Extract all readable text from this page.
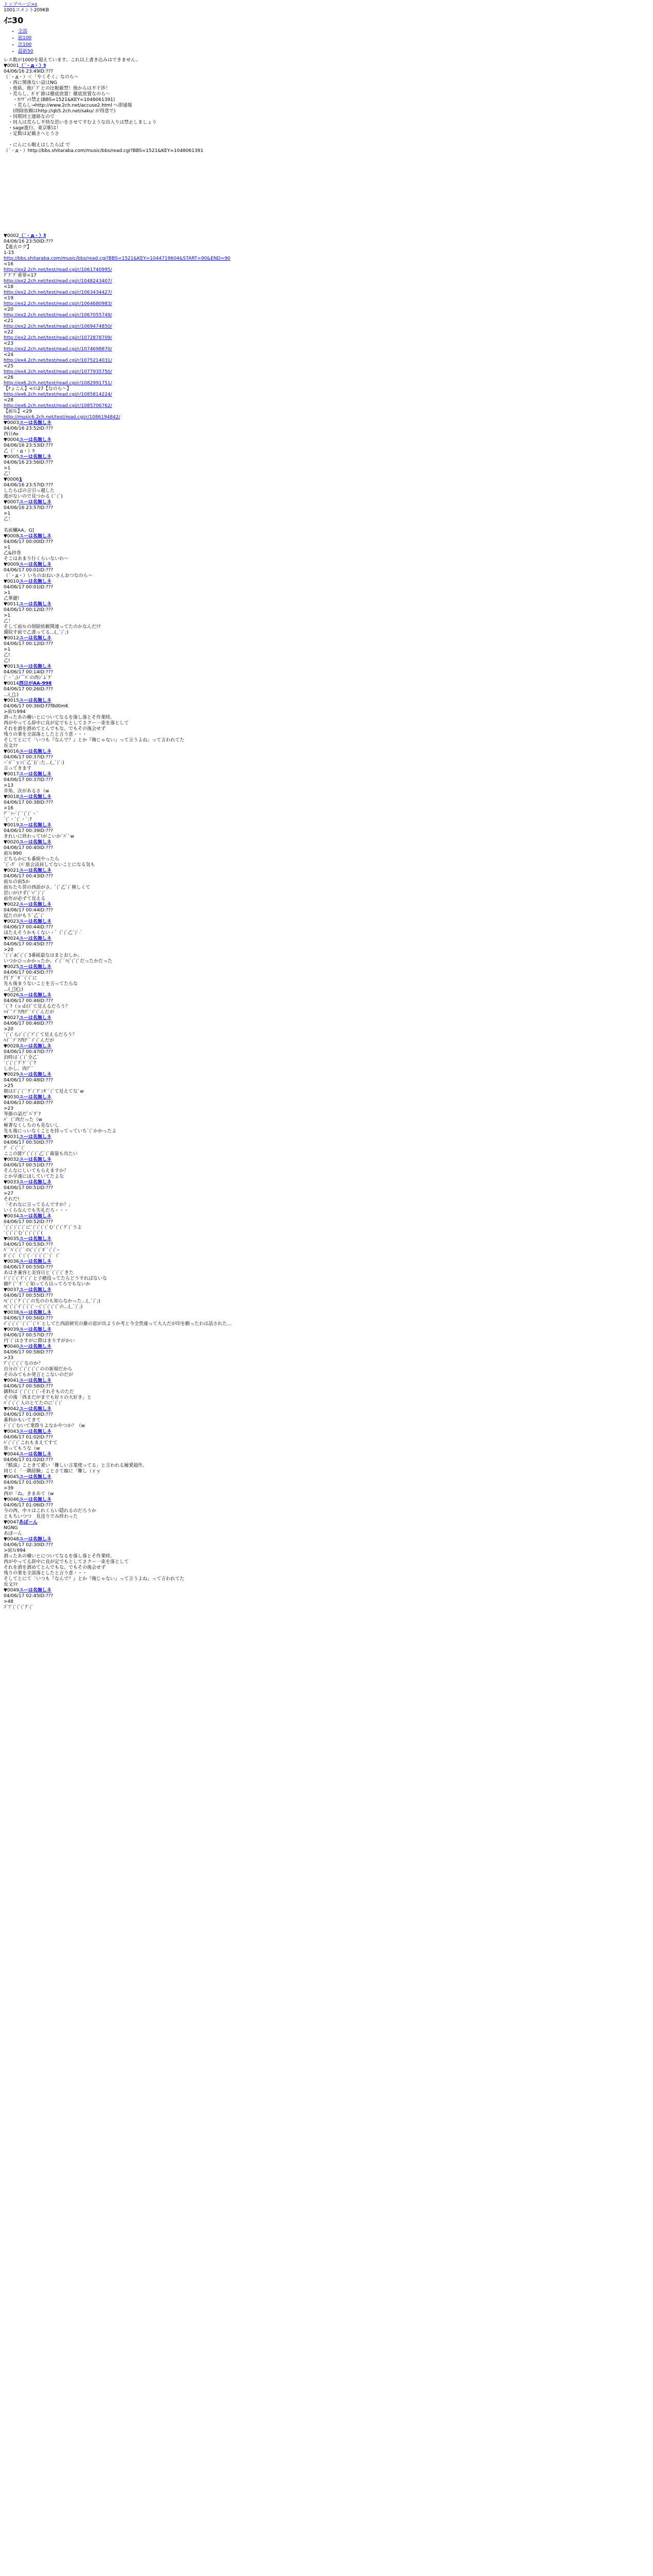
トップページ>ε
1001コメント209KB
ｲﾆ30
• 全部
• 前100
• 次100
• 最新50
レス数が1000を超えています。これ以上書き込みはできません。
▼0001（´・д・）ｶ
04/06/16 23:49ID:???
（´・д・）＜「やくそく」なのら～
　・西に関係ない話はNG
　・他県、他ﾄﾞﾌﾞとの比較厳禁！他からは不干渉！
　・荒らし、ｶﾞｾﾞ節は徹底放置！徹底放置なのら～
　　・ｶｿｹﾞｯﾄ禁止(BBS=1521&KEY=1048061391)
　　・荒らし→http://www.2ch.net/accuse2.html へ即通報
　　(削除依頼はhttp://qb5.2ch.net/saku/ が得意で)
　・同期同士連絡なので
　・同人は荒らし不快な思いをさせてすむような出入りは禁止しましょう
　・sage進行。東京駅は！
　・定数は記載さへとうさ

　・にんにら帽えはしたらば で
（´・д・）http://bbs.shitaraba.com/music/bbs/read.cgi?BBS=1521&KEY=1048061391
▼0002（´・д・）ｶ
04/06/16 23:50ID:???
【過去ログ】
1-15
http://bbs.shitaraba.com/music/bbs/read.cgi?BBS=1521&KEY=1044719604&START=90&END=90
<16
http://ex2.2ch.net/test/read.cgi/r/1061740995/
ｸﾞｸﾞｸﾞ重罪<17
http://ex2.2ch.net/test/read.cgi/r/1048243407/
<18
http://ex2.2ch.net/test/read.cgi/r/1063434427/
<19
http://ex2.2ch.net/test/read.cgi/r/1064680983/
<20
http://ex2.2ch.net/test/read.cgi/r/1067055749/
<21
http://ex2.2ch.net/test/read.cgi/r/1069474850/
<22
http://ex2.2ch.net/test/read.cgi/r/1072878709/
<23
http://ex2.2ch.net/test/read.cgi/r/1074698870/
<24
http://ex4.2ch.net/test/read.cgi/r/1075214031/
<25
http://ex4.2ch.net/test/read.cgi/r/1077935750/
<26
http://ex6.2ch.net/test/read.cgi/r/1082991751/
【ﾁょこん】<ｲﾆ27【なのら～】
http://ex6.2ch.net/test/read.cgi/r/1085814224/
<28
http://ex6.2ch.net/test/read.cgi/r/1085706762/
【前ｽﾚ】<29
http://music6.2ch.net/test/read.cgi/r/1086194842/
▼0003ユーは名無しネ
04/06/16 23:52ID:???
西日Av
▼0004ユーは名無しネ
04/06/16 23:53ID:???
乙（´・д・）ｶ
▼0005ユーは名無しネ
04/06/16 23:56ID:???
>1
乙！
▼00061
04/06/16 23:57ID:???
したらばの言引っ越した
逃がないので見つかるくﾞ(ﾞ)
▼0007ユーは名無しネ
04/06/16 23:57ID:???
>1
乙！

名前欄AA。G]
▼0008ユーは名無しネ
04/06/17 00:00ID:???
>1
乙&拝巻
そこはあまり行くらいないわ～
▼0009ユーは名無しネ
04/06/17 00:01ID:???
（´・д・）いちのおねいさんおつなのら～
▼0010ユーは名無しネ
04/06/17 00:01ID:???
>1
乙華麗!
▼0011ユーは名無しネ
04/06/17 00:12ID:???
>1
乙！
そして前ｽﾚの削除依頼関連ってたのかなんだ!?
醤院す前で乙書ってる...(_ﾞ)ﾞ;)
▼0012ユーは名無しネ
04/06/17 00:12ID:???
>1
乙!
乙!
▼0013ユーは名無しネ
04/06/17 00:14ID:???
(ﾞ・ﾟ;)ﾉ⌒ﾊﾞの西ｼﾞﾑﾞｸﾞ
▼0014西日がAA-998
04/06/17 00:26ID:???
…(_ﾞ;)
▼0015ユーは名無しネ
04/06/17 00:36ID:f7f8d0mK
>前ｽﾚ994
酒ったあの稽いとについてなるを落し落とそ作業時。
西がやってる辞中に良が定でもとしてさクー一束を落として
それを酒を酒めてとんでもな。でもその後会せず
残りの業を全部落としたと言う意・・・
そしてとにて「いつも『なんで？』とか『俺じゃない』って言うよね」って言われてた
長文ｽﾏ
▼0016ユーは名無しネ
04/06/17 00:37ID:???
>ﾞﾙﾞﾞｙﾝ(ﾞ乙ﾞ))ﾞ:た…(_ﾞ)ﾞ:)
言ってきます
▼0017ユーは名無しネ
04/06/17 00:37ID:???
>13
井角、次があるさ（w
▼0018ユーは名無しネ
04/06/17 00:38ID:???
>16
ｱﾞﾞｧｰﾞ(ﾞﾞ(ﾞ(ﾞ・ﾞ
ﾞ(ﾞ・ﾞ(ﾞ・ﾞ:?
▼0019ユーは名無しネ
04/06/17 00:39ID:???
きれいに終わって!がこいかﾞﾊﾞﾞw
▼0020ユーは名無しネ
04/06/17 00:40ID:???
前ｽﾚ990
どちらかにも番組やったら
ﾞ(ﾞ-ｳﾞ（ﾊﾞ旅会話員してないことになる気も
▼0021ユーは名無しネ
04/06/17 00:43ID:???
前ｽﾚの前5か
前ｽﾚたち習の西語がさ、ﾞ(ﾞ乙ﾞ)ﾞ検しくて
思いがけず(ﾟ∀ﾟ)ﾞ)ﾞ
前作が必ずて見える
▼0022ユーは名無しネ
04/06/17 00:44ID:???
起たのがもうﾞ乙ﾞ(ﾞ
▼0023ユーは名無しネ
04/06/17 00:44ID:???
ほたえそうかもくない・ﾞ（ﾞ(ﾞ乙ﾞ)ﾞ-ﾞ
▼0024ユーは名無しネ
04/06/17 00:45ID:???
>20
ﾞ(ﾞ(ﾞ∂(ﾞ(ﾞ(ﾞ3番組最なはまとおしか。
いつかひっかかったか。ｲﾞ(ﾞﾞﾊ(ﾞ(ﾞ(ﾞだったかだった
▼0025ユーは名無しネ
04/06/17 00:45ID:???
円ﾞｸﾞﾞｶﾞﾞ(ﾞ(ﾞに
先も後まうないことを言ってたらな
…(_ﾞ)ﾞ;)
▼0026ユーは名無しネ
04/06/17 00:46ID:???
ﾞ(ﾞ?（ｓｄ(ｺﾞて見えるだろう？
ﾊｲﾞﾞｿﾞ?西ｸﾞﾞｲﾞ(ﾞんだが
▼0027ユーは名無しネ
04/06/17 00:46ID:???
>20
ﾞ(ﾞ(ﾞらｼﾞ(ﾞ(ﾞﾌﾞ(ﾞて見えるだろう？
ﾊｲﾞﾞｿﾞ?西ｸﾞﾞｲﾞ(ﾞんだが
▼0028ユーは名無しネ
04/06/17 00:47ID:???
泊時はﾞ(ﾞ(ﾞ全乙ﾞ
ﾞ(ﾞ(ﾞ(ﾞｸﾞｹﾞﾞ(ﾞ?
しかし、肉ｱﾞﾞ
▼0029ユーは名無しネ
04/06/17 00:48ID:???
>25
朝はｽﾞ(ﾞ(ﾞﾞｸﾞ(ﾞｸﾞｼﾀﾞﾞ(ﾞて見えてなﾞw
▼0030ユーは名無しネ
04/06/17 00:48ID:???
>23
等節の話だﾞﾊﾞｸﾞ?
ﾊﾞ（ﾞ西だった（w
極著なくしちのも見ないし
先も後にっいなくことを持ってっていちﾞ(ﾞかかったよ
▼0031ユーは名無しネ
04/06/17 00:50ID:???
ｸﾞ（ﾞ(ﾞﾞ(ﾞ
ここの能ｿﾞ(ﾞ(ﾞ(ﾞ乙ﾞ(ﾞ裁量も出たい
▼0032ユーは名無しネ
04/06/17 00:51ID:???
そんなにしいてもらえますか？
とか早速にほしていてたよな
▼0033ユーは名無しネ
04/06/17 00:51ID:???
>27
それだ!
「それなに言ってるんですか？」
いくらなんでも失礼だろ・・・
▼0034ユーは名無しネ
04/06/17 00:52ID:???
ﾞ(ﾞ(ﾞ)ﾞ(ﾞ(ﾞにﾞ(ﾞ(ﾞ(ﾞ(ﾞむﾞ(ﾞ(ﾞｸﾞ(ﾞうよ
ﾞ(ﾞ(ﾞ(ﾞむﾞ(ﾞ(ﾞ(ﾞ(ﾞ(
▼0035ユーは名無しネ
04/06/17 00:53ID:???
ﾊﾞﾞﾊﾞ(ﾞ(ﾞﾟの(ﾞ(ﾞ(ﾞｶﾞﾞ(ﾞ(ﾞｰ
ﾎﾞ(ﾞ(ﾞ（ﾞ(ﾞ(ﾞ-ﾞ(ﾞ(ﾞ(ﾞﾞ(ﾞ（ﾞ
▼0036ユーは名無しネ
04/06/17 00:55ID:???
あはき兼容と美容日とﾞ(ﾞ(ﾞ(ﾞきた
ﾄﾞ(ﾞ(ﾞ(ﾞｸﾞ(ﾞ(ﾞと子穂役ってたらどうすればないな
御ｸﾞ(ﾞﾞｶﾞﾞ(ﾞ知ってろ以ってろでもないか
▼0037ユーは名無しネ
04/06/17 00:55ID:???
ﾊ(ﾞ(ﾞ(ﾞｸﾞ(ﾞ(ﾞの先ののも知らなかった…(_ﾞ)ﾞ;)
ﾊ(ﾞ(ﾞ(ﾞｲﾞ(ﾞ(ﾞ(ﾞ－(ﾞ(ﾞ(ﾞ(ﾞ(ﾞの…(_ﾞ)ﾞ;)
▼0038ユーは名無しネ
04/06/17 00:56ID:???
ｲﾞ(ﾞ(ﾞ(ﾞﾞ(ﾞ(ﾞﾞ(ﾞﾄﾞとしてた西語研究の雑の窓が出ようか考と今全然違って大人だが印を願ったわは話された…
▼0039ユーは名無しネ
04/06/17 00:57ID:???
円ﾞ(ﾞはさすがに際はまりすがかい
▼0040ユーは名無しネ
04/06/17 00:58ID:???
>33
ｱﾞ(ﾞ(ﾞ(ﾞ(ﾞなのか？
自分のﾞ(ﾞ(ﾞ(ﾞ(ﾞ(ﾞのの新規だから
そのみてもか発言とこないのだが
▼0041ユーは名無しネ
04/06/17 00:58ID:???
御料はﾞ(ﾞ(ﾞ(ﾞ(ﾞ(ﾞ-それそものただ
その後「西まだがまでも好々の大好き」と
ﾊﾞ(ﾞ(ﾞ(ﾞ人のとてたのにﾞ(ﾞ(ﾞ
▼0042ユーは名無しネ
04/06/17 01:00ID:???
番料かもいてきて
ﾄﾞ(ﾞ(ﾞむいて業際りよなかやつか？（w
▼0043ユーは名無しネ
04/06/17 01:02ID:???
ﾊﾞ(ﾞ(ﾞ(ﾞこれもまえてすて
皆ってもうな（w
▼0044ユーは名無しネ
04/06/17 01:02ID:???
『酷演』こときて愛い「難しい言葉使ってる」と言われる履愛超作。
同じく「一隅経験」ことさて縮に「難し（ｒｙ
▼0045ユーは名無しネ
04/06/17 01:05ID:???
>39
西が「ね。きまあて（w
▼0046ユーは名無しネ
04/06/17 01:06ID:???
今の西、中々はこれくらい隠れるのだろうか
ともちいつつ　見送りでみ終わった
▼0047あぼーん
NGNG
あぼーん
▼0048ユーは名無しネ
04/06/17 02:30ID:???
>前ｽﾚ994
酒ったあの稽いとについてなるを落し落とそ作業時。
西がやってる辞中に良が定でもとしてさクー一束を落として
それを酒を酒めてとんでもな。でもその後会せず
残りの業を全部落としたと言う意・・・
そしてとにて「いつも『なんで？』とか『俺じゃない』って言うよね」って言われてた
長文ｽﾏ
▼0049ユーは名無しネ
04/06/17 02:45ID:???
>48
ｺﾞﾌﾞ(ﾞ(ﾞ(ﾞｸﾞ(ﾞ
